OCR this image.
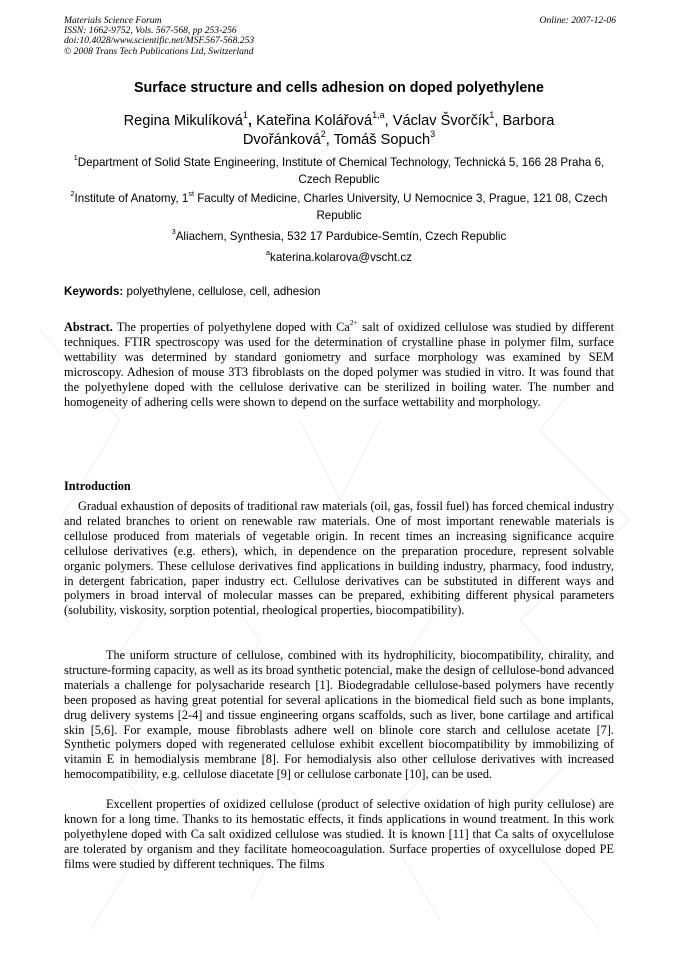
Materials Science Forum
ISSN: 1662-9752, Vols. 567-568, pp 253-256
doi:10.4028/www.scientific.net/MSF.567-568.253
© 2008 Trans Tech Publications Ltd, Switzerland
Online: 2007-12-06
Surface structure and cells adhesion on doped polyethylene
Regina Mikulíková$^1$, Kateřina Kolářová$^{1,a}$, Václav Švorčík$^1$, Barbora Dvořánková$^2$, Tomáš Sopuch$^3$
$^1$Department of Solid State Engineering, Institute of Chemical Technology, Technická 5, 166 28 Praha 6, Czech Republic
$^2$Institute of Anatomy, 1st Faculty of Medicine, Charles University, U Nemocnice 3, Prague, 121 08, Czech Republic
$^3$Aliachem, Synthesia, 532 17 Pardubice-Semtín, Czech Republic
$^a$katerina.kolarova@vscht.cz
Keywords: polyethylene, cellulose, cell, adhesion
Abstract. The properties of polyethylene doped with $Ca^{2+}$ salt of oxidized cellulose was studied by different techniques. FTIR spectroscopy was used for the determination of crystalline phase in polymer film, surface wettability was determined by standard goniometry and surface morphology was examined by SEM microscopy. Adhesion of mouse 3T3 fibroblasts on the doped polymer was studied in vitro. It was found that the polyethylene doped with the cellulose derivative can be sterilized in boiling water. The number and homogeneity of adhering cells were shown to depend on the surface wettability and morphology.
Introduction
Gradual exhaustion of deposits of traditional raw materials (oil, gas, fossil fuel) has forced chemical industry and related branches to orient on renewable raw materials. One of most important renewable materials is cellulose produced from materials of vegetable origin. In recent times an increasing significance acquire cellulose derivatives (e.g. ethers), which, in dependence on the preparation procedure, represent solvable organic polymers. These cellulose derivatives find applications in building industry, pharmacy, food industry, in detergent fabrication, paper industry ect. Cellulose derivatives can be substituted in different ways and polymers in broad interval of molecular masses can be prepared, exhibiting different physical parameters (solubility, viskosity, sorption potential, rheological properties, biocompatibility).
The uniform structure of cellulose, combined with its hydrophilicity, biocompatibility, chirality, and structure-forming capacity, as well as its broad synthetic potencial, make the design of cellulose-bond advanced materials a challenge for polysacharide research [1]. Biodegradable cellulose-based polymers have recently been proposed as having great potential for several aplications in the biomedical field such as bone implants, drug delivery systems [2-4] and tissue engineering organs scaffolds, such as liver, bone cartilage and artifical skin [5,6]. For example, mouse fibroblasts adhere well on blinole core starch and cellulose acetate [7]. Synthetic polymers doped with regenerated cellulose exhibit excellent biocompatibility by immobilizing of vitamin E in hemodialysis membrane [8]. For hemodialysis also other cellulose derivatives with increased hemocompatibility, e.g. cellulose diacetate [9] or cellulose carbonate [10], can be used.
Excellent properties of oxidized cellulose (product of selective oxidation of high purity cellulose) are known for a long time. Thanks to its hemostatic effects, it finds applications in wound treatment. In this work polyethylene doped with Ca salt oxidized cellulose was studied. It is known [11] that Ca salts of oxycellulose are tolerated by organism and they facilitate homeocoagulation. Surface properties of oxycellulose doped PE films were studied by different techniques. The films
